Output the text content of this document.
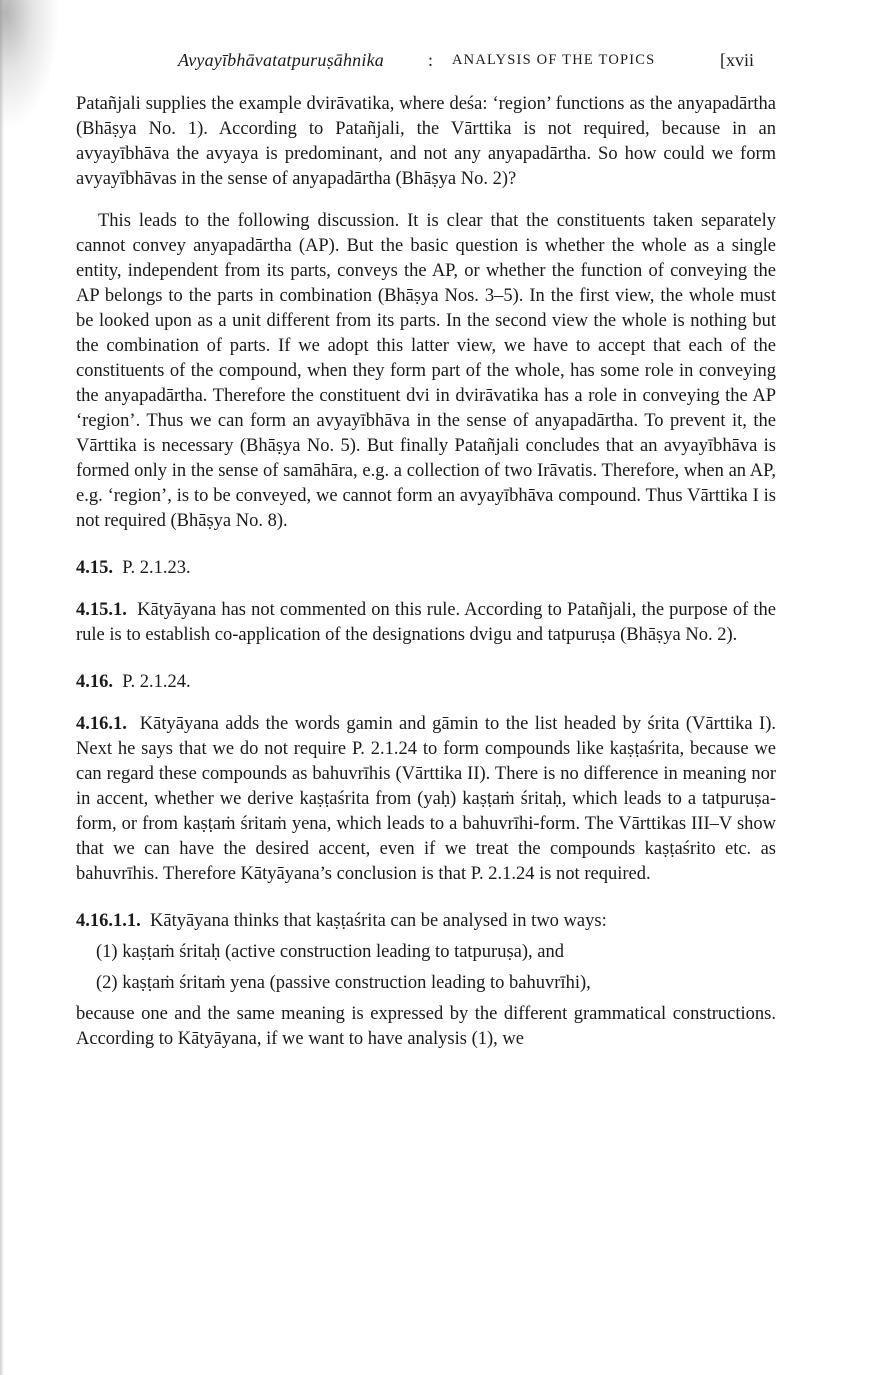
Avyayībhāvatatpuruṣāhnika : ANALYSIS OF THE TOPICS	[xvii

Patañjali supplies the example dvirāvatika, where deśa: ‘region’ functions as the anyapadārtha (Bhāṣya No. 1). According to Patañjali, the Vārttika is not required, because in an avyayībhāva the avyaya is predominant, and not any anyapadārtha. So how could we form avyayībhāvas in the sense of anyapadārtha (Bhāṣya No. 2)?

This leads to the following discussion. It is clear that the constituents taken separately cannot convey anyapadārtha (AP). But the basic question is whether the whole as a single entity, independent from its parts, conveys the AP, or whether the function of conveying the AP belongs to the parts in combination (Bhāṣya Nos. 3–5). In the first view, the whole must be looked upon as a unit different from its parts. In the second view the whole is nothing but the combination of parts. If we adopt this latter view, we have to accept that each of the constituents of the compound, when they form part of the whole, has some role in conveying the anyapadārtha. Therefore the constituent dvi in dvirāvatika has a role in conveying the AP ‘region’. Thus we can form an avyayībhāva in the sense of anyapadārtha. To prevent it, the Vārttika is necessary (Bhāṣya No. 5). But finally Patañjali concludes that an avyayībhāva is formed only in the sense of samāhāra, e.g. a collection of two Irāvatis. Therefore, when an AP, e.g. ‘region’, is to be conveyed, we cannot form an avyayībhāva compound. Thus Vārttika I is not required (Bhāṣya No. 8).

4.15. P. 2.1.23.

4.15.1. Kātyāyana has not commented on this rule. According to Patañjali, the purpose of the rule is to establish co-application of the designations dvigu and tatpuruṣa (Bhāṣya No. 2).

4.16. P. 2.1.24.

4.16.1. Kātyāyana adds the words gamin and gāmin to the list headed by śrita (Vārttika I). Next he says that we do not require P. 2.1.24 to form compounds like kaṣṭaśrita, because we can regard these compounds as bahuvrīhis (Vārttika II). There is no difference in meaning nor in accent, whether we derive kaṣṭaśrita from (yaḥ) kaṣṭaṁ śritaḥ, which leads to a tatpuruṣa-form, or from kaṣṭaṁ śritaṁ yena, which leads to a bahuvrīhi-form. The Vārttikas III–V show that we can have the desired accent, even if we treat the compounds kaṣṭaśrito etc. as bahuvrīhis. Therefore Kātyāyana’s conclusion is that P. 2.1.24 is not required.

4.16.1.1. Kātyāyana thinks that kaṣṭaśrita can be analysed in two ways:

(1) kaṣṭaṁ śritaḥ (active construction leading to tatpuruṣa), and

(2) kaṣṭaṁ śritaṁ yena (passive construction leading to bahuvrīhi),

because one and the same meaning is expressed by the different grammatical constructions. According to Kātyāyana, if we want to have analysis (1), we
